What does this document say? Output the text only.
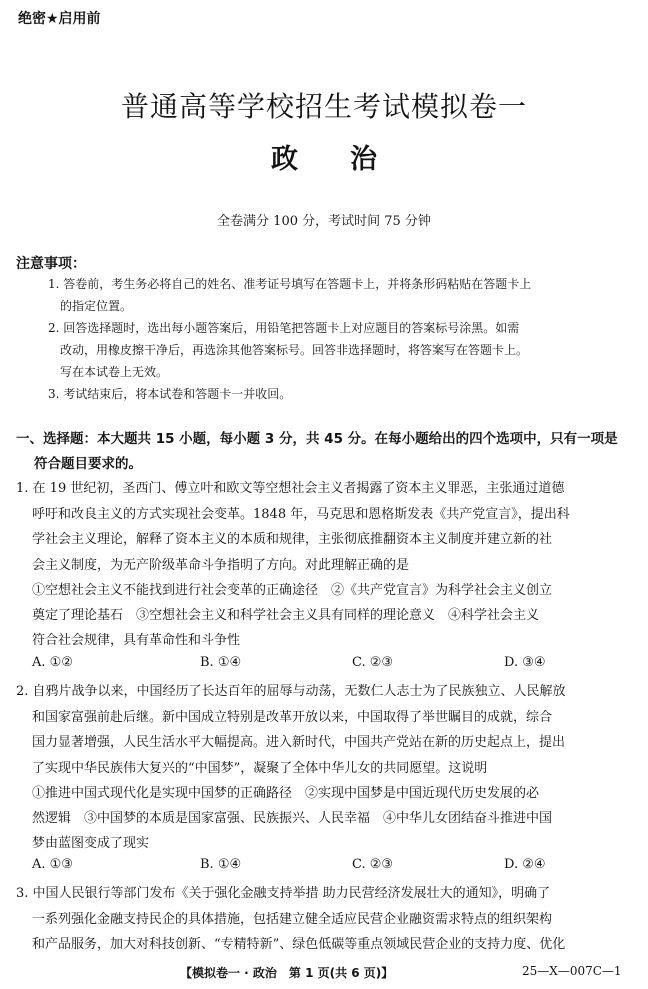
绝密★启用前
普通高等学校招生考试模拟卷一
政 治
全卷满分 100 分，考试时间 75 分钟
注意事项：
1. 答卷前，考生务必将自己的姓名、准考证号填写在答题卡上，并将条形码粘贴在答题卡上
的指定位置。
2. 回答选择题时，选出每小题答案后，用铅笔把答题卡上对应题目的答案标号涂黑。如需
改动，用橡皮擦干净后，再选涂其他答案标号。回答非选择题时，将答案写在答题卡上。
写在本试卷上无效。
3. 考试结束后，将本试卷和答题卡一并收回。
一、选择题：本大题共 15 小题，每小题 3 分，共 45 分。在每小题给出的四个选项中，只有一项是
符合题目要求的。
1. 在 19 世纪初，圣西门、傅立叶和欧文等空想社会主义者揭露了资本主义罪恶，主张通过道德
呼吁和改良主义的方式实现社会变革。1848 年，马克思和恩格斯发表《共产党宣言》，提出科
学社会主义理论，解释了资本主义的本质和规律，主张彻底推翻资本主义制度并建立新的社
会主义制度，为无产阶级革命斗争指明了方向。对此理解正确的是
①空想社会主义不能找到进行社会变革的正确途径　②《共产党宣言》为科学社会主义创立
奠定了理论基石　③空想社会主义和科学社会主义具有同样的理论意义　④科学社会主义
符合社会规律，具有革命性和斗争性
A. ①②	B. ①④	C. ②③	D. ③④
2. 自鸦片战争以来，中国经历了长达百年的屈辱与动荡，无数仁人志士为了民族独立、人民解放
和国家富强前赴后继。新中国成立特别是改革开放以来，中国取得了举世瞩目的成就，综合
国力显著增强，人民生活水平大幅提高。进入新时代，中国共产党站在新的历史起点上，提出
了实现中华民族伟大复兴的“中国梦”，凝聚了全体中华儿女的共同愿望。这说明
①推进中国式现代化是实现中国梦的正确路径　②实现中国梦是中国近现代历史发展的必
然逻辑　③中国梦的本质是国家富强、民族振兴、人民幸福　④中华儿女团结奋斗推进中国
梦由蓝图变成了现实
A. ①③	B. ①④	C. ②③	D. ②④
3. 中国人民银行等部门发布《关于强化金融支持举措 助力民营经济发展壮大的通知》，明确了
一系列强化金融支持民企的具体措施，包括建立健全适应民营企业融资需求特点的组织架构
和产品服务，加大对科技创新、“专精特新”、绿色低碳等重点领域民营企业的支持力度、优化
【模拟卷一 · 政治　第 1 页(共 6 页)】	25—X—007C—1
